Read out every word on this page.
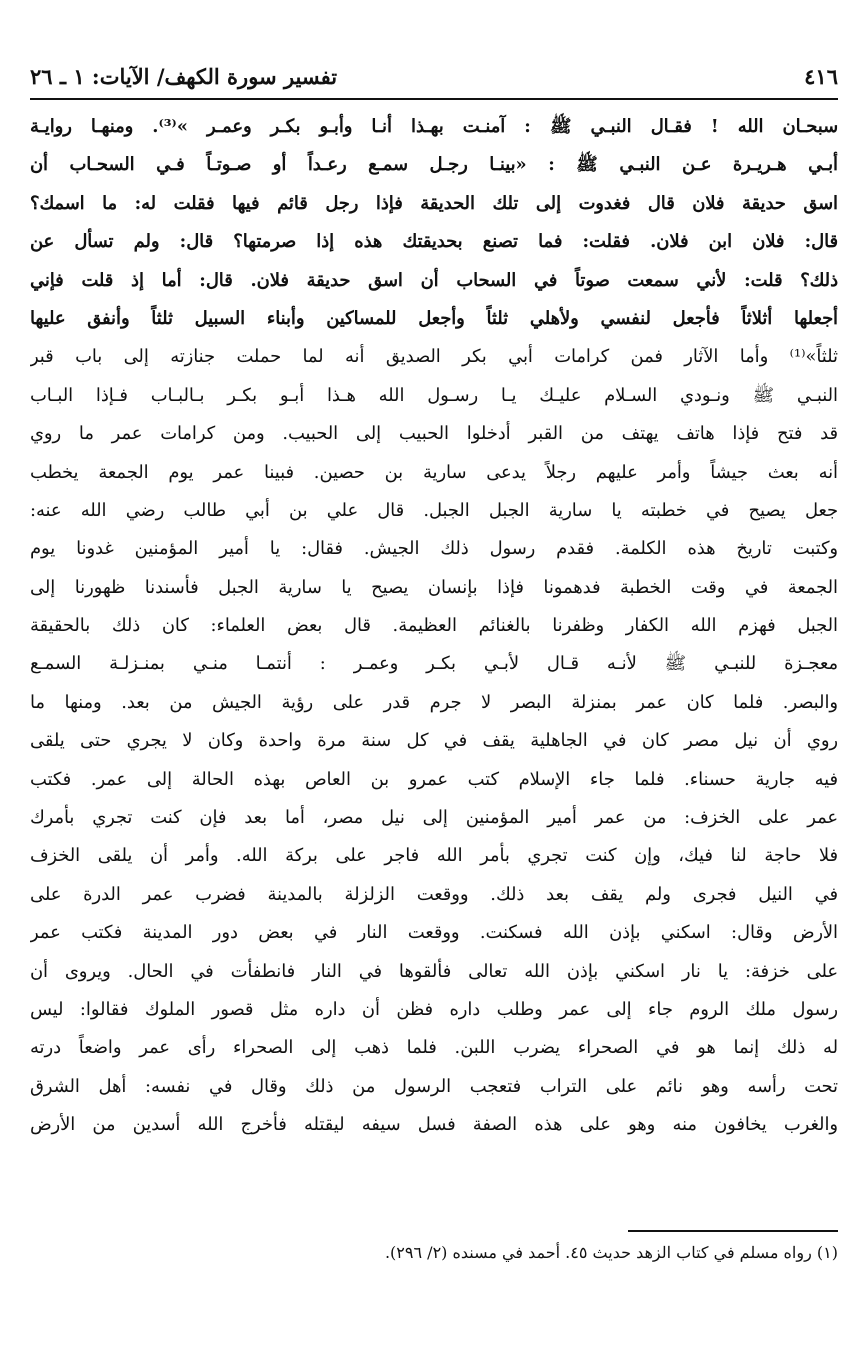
٤١٦
تفسير سورة الكهف/ الآيات: ١ ـ ٢٦
سبحـان الله ! فقـال النبـي ﷺ : آمنـت بهـذا أنـا وأبـو بكـر وعمـر »⁽³⁾. ومنهـا روايـة
أبـي هـريـرة عـن النبـي ﷺ : «بينـا رجـل سمـع رعـداً أو صـوتـاً فـي السحـاب أن
اسق حديقة فلان قال فغدوت إلى تلك الحديقة فإذا رجل قائم فيها فقلت له: ما اسمك؟
قال: فلان ابن فلان. فقلت: فما تصنع بحديقتك هذه إذا صرمتها؟ قال: ولم تسأل عن
ذلك؟ قلت: لأني سمعت صوتاً في السحاب أن اسق حديقة فلان. قال: أما إذ قلت فإني
أجعلها أثلاثاً فأجعل لنفسي ولأهلي ثلثاً وأجعل للمساكين وأبناء السبيل ثلثاً وأنفق عليها
ثلثاً»⁽¹⁾ وأما الآثار فمن كرامات أبي بكر الصديق أنه لما حملت جنازته إلى باب قبر
النبـي ﷺ ونـودي السـلام عليـك يـا رسـول الله هـذا أبـو بكـر بـالبـاب فـإذا البـاب
قد فتح فإذا هاتف يهتف من القبر أدخلوا الحبيب إلى الحبيب. ومن كرامات عمر ما روي
أنه بعث جيشاً وأمر عليهم رجلاً يدعى سارية بن حصين. فبينا عمر يوم الجمعة يخطب
جعل يصيح في خطبته يا سارية الجبل الجبل. قال علي بن أبي طالب رضي الله عنه:
وكتبت تاريخ هذه الكلمة. فقدم رسول ذلك الجيش. فقال: يا أمير المؤمنين غدونا يوم
الجمعة في وقت الخطبة فدهمونا فإذا بإنسان يصيح يا سارية الجبل فأسندنا ظهورنا إلى
الجبل فهزم الله الكفار وظفرنا بالغنائم العظيمة. قال بعض العلماء: كان ذلك بالحقيقة
معجـزة للنبـي ﷺ لأنـه قـال لأبـي بكـر وعمـر : أنتمـا منـي بمنـزلـة السمـع
والبصر. فلما كان عمر بمنزلة البصر لا جرم قدر على رؤية الجيش من بعد. ومنها ما
روي أن نيل مصر كان في الجاهلية يقف في كل سنة مرة واحدة وكان لا يجري حتى يلقى
فيه جارية حسناء. فلما جاء الإسلام كتب عمرو بن العاص بهذه الحالة إلى عمر. فكتب
عمر على الخزف: من عمر أمير المؤمنين إلى نيل مصر، أما بعد فإن كنت تجري بأمرك
فلا حاجة لنا فيك، وإن كنت تجري بأمر الله فاجر على بركة الله. وأمر أن يلقى الخزف
في النيل فجرى ولم يقف بعد ذلك. ووقعت الزلزلة بالمدينة فضرب عمر الدرة على
الأرض وقال: اسكني بإذن الله فسكنت. ووقعت النار في بعض دور المدينة فكتب عمر
على خزفة: يا نار اسكني بإذن الله تعالى فألقوها في النار فانطفأت في الحال. ويروى أن
رسول ملك الروم جاء إلى عمر وطلب داره فظن أن داره مثل قصور الملوك فقالوا: ليس
له ذلك إنما هو في الصحراء يضرب اللبن. فلما ذهب إلى الصحراء رأى عمر واضعاً درته
تحت رأسه وهو نائم على التراب فتعجب الرسول من ذلك وقال في نفسه: أهل الشرق
والغرب يخافون منه وهو على هذه الصفة فسل سيفه ليقتله فأخرج الله أسدين من الأرض
(١) رواه مسلم في كتاب الزهد حديث ٤٥. أحمد في مسنده (٢/ ٢٩٦).
